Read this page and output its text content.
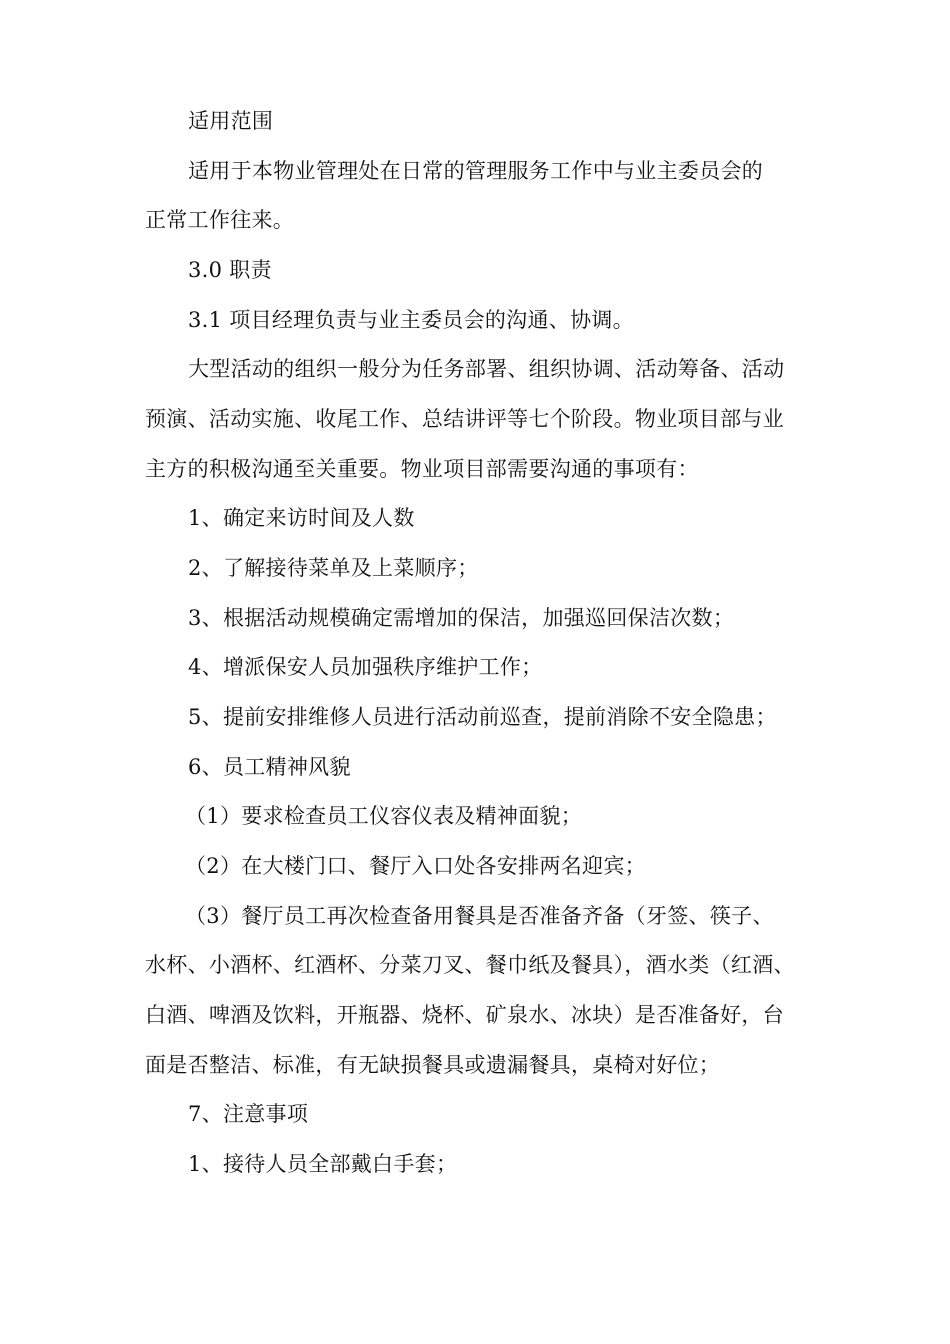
适用范围
适用于本物业管理处在日常的管理服务工作中与业主委员会的
正常工作往来。
3.0 职责
3.1 项目经理负责与业主委员会的沟通、协调。
大型活动的组织一般分为任务部署、组织协调、活动筹备、活动
预演、活动实施、收尾工作、总结讲评等七个阶段。物业项目部与业
主方的积极沟通至关重要。物业项目部需要沟通的事项有：
1、确定来访时间及人数
2、了解接待菜单及上菜顺序；
3、根据活动规模确定需增加的保洁，加强巡回保洁次数；
4、增派保安人员加强秩序维护工作；
5、提前安排维修人员进行活动前巡查，提前消除不安全隐患；
6、员工精神风貌
（1）要求检查员工仪容仪表及精神面貌；
（2）在大楼门口、餐厅入口处各安排两名迎宾；
（3）餐厅员工再次检查备用餐具是否准备齐备（牙签、筷子、
水杯、小酒杯、红酒杯、分菜刀叉、餐巾纸及餐具），酒水类（红酒、
白酒、啤酒及饮料，开瓶器、烧杯、矿泉水、冰块）是否准备好，台
面是否整洁、标准，有无缺损餐具或遗漏餐具，桌椅对好位；
7、注意事项
1、接待人员全部戴白手套；
